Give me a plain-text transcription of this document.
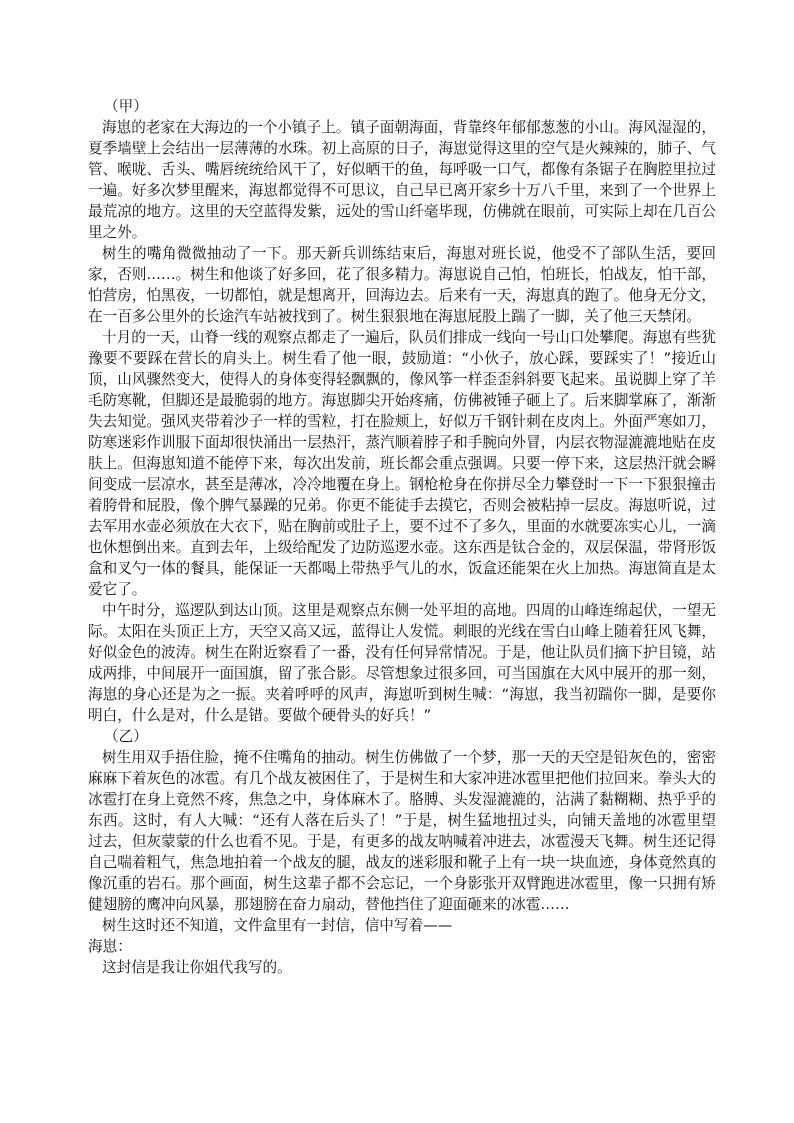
（甲）

海崽的老家在大海边的一个小镇子上。镇子面朝海面，背靠终年郁郁葱葱的小山。海风湿湿的，夏季墙壁上会结出一层薄薄的水珠。初上高原的日子，海崽觉得这里的空气是火辣辣的，肺子、气管、喉咙、舌头、嘴唇统统给风干了，好似晒干的鱼，每呼吸一口气，都像有条锯子在胸腔里拉过一遍。好多次梦里醒来，海崽都觉得不可思议，自己早已离开家乡十万八千里，来到了一个世界上最荒凉的地方。这里的天空蓝得发紫，远处的雪山纤毫毕现，仿佛就在眼前，可实际上却在几百公里之外。

树生的嘴角微微抽动了一下。那天新兵训练结束后，海崽对班长说，他受不了部队生活，要回家，否则……。树生和他谈了好多回，花了很多精力。海崽说自己怕，怕班长，怕战友，怕干部，怕营房，怕黑夜，一切都怕，就是想离开，回海边去。后来有一天，海崽真的跑了。他身无分文，在一百多公里外的长途汽车站被找到了。树生狠狠地在海崽屁股上踹了一脚，关了他三天禁闭。

十月的一天，山脊一线的观察点都走了一遍后，队员们排成一线向一号山口处攀爬。海崽有些犹豫要不要踩在营长的肩头上。树生看了他一眼，鼓励道：“小伙子，放心踩，要踩实了！”接近山顶，山风骤然变大，使得人的身体变得轻飘飘的，像风筝一样歪歪斜斜要飞起来。虽说脚上穿了羊毛防寒靴，但脚还是最脆弱的地方。海崽脚尖开始疼痛，仿佛被锤子砸上了。后来脚掌麻了，渐渐失去知觉。强风夹带着沙子一样的雪粒，打在脸颊上，好似万千钢针刺在皮肉上。外面严寒如刀，防寒迷彩作训服下面却很快涌出一层热汗，蒸汽顺着脖子和手腕向外冒，内层衣物湿漉漉地贴在皮肤上。但海崽知道不能停下来，每次出发前，班长都会重点强调。只要一停下来，这层热汗就会瞬间变成一层凉水，甚至是薄冰，冷冷地覆在身上。钢枪枪身在你拼尽全力攀登时一下一下狠狠撞击着胯骨和屁股，像个脾气暴躁的兄弟。你更不能徒手去摸它，否则会被粘掉一层皮。海崽听说，过去军用水壶必须放在大衣下，贴在胸前或肚子上，要不过不了多久，里面的水就要冻实心儿，一滴也休想倒出来。直到去年，上级给配发了边防巡逻水壶。这东西是钛合金的，双层保温，带肾形饭盒和叉勺一体的餐具，能保证一天都喝上带热乎气儿的水，饭盒还能架在火上加热。海崽简直是太爱它了。

中午时分，巡逻队到达山顶。这里是观察点东侧一处平坦的高地。四周的山峰连绵起伏，一望无际。太阳在头顶正上方，天空又高又远，蓝得让人发慌。刺眼的光线在雪白山峰上随着狂风飞舞，好似金色的波涛。树生在附近察看了一番，没有任何异常情况。于是，他让队员们摘下护目镜，站成两排，中间展开一面国旗，留了张合影。尽管想象过很多回，可当国旗在大风中展开的那一刻，海崽的身心还是为之一振。夹着呼呼的风声，海崽听到树生喊：“海崽，我当初踹你一脚，是要你明白，什么是对，什么是错。要做个硬骨头的好兵！”

（乙）

树生用双手捂住脸，掩不住嘴角的抽动。树生仿佛做了一个梦，那一天的天空是铅灰色的，密密麻麻下着灰色的冰雹。有几个战友被困住了，于是树生和大家冲进冰雹里把他们拉回来。拳头大的冰雹打在身上竟然不疼，焦急之中，身体麻木了。胳膊、头发湿漉漉的，沾满了黏糊糊、热乎乎的东西。这时，有人大喊：“还有人落在后头了！”于是，树生猛地扭过头，向铺天盖地的冰雹里望过去，但灰蒙蒙的什么也看不见。于是，有更多的战友呐喊着冲进去，冰雹漫天飞舞。树生还记得自己喘着粗气，焦急地拍着一个战友的腿，战友的迷彩服和靴子上有一块一块血迹，身体竟然真的像沉重的岩石。那个画面，树生这辈子都不会忘记，一个身影张开双臂跑进冰雹里，像一只拥有矫健翅膀的鹰冲向风暴，那翅膀在奋力扇动，替他挡住了迎面砸来的冰雹……

树生这时还不知道，文件盒里有一封信，信中写着——

海崽：

这封信是我让你姐代我写的。
